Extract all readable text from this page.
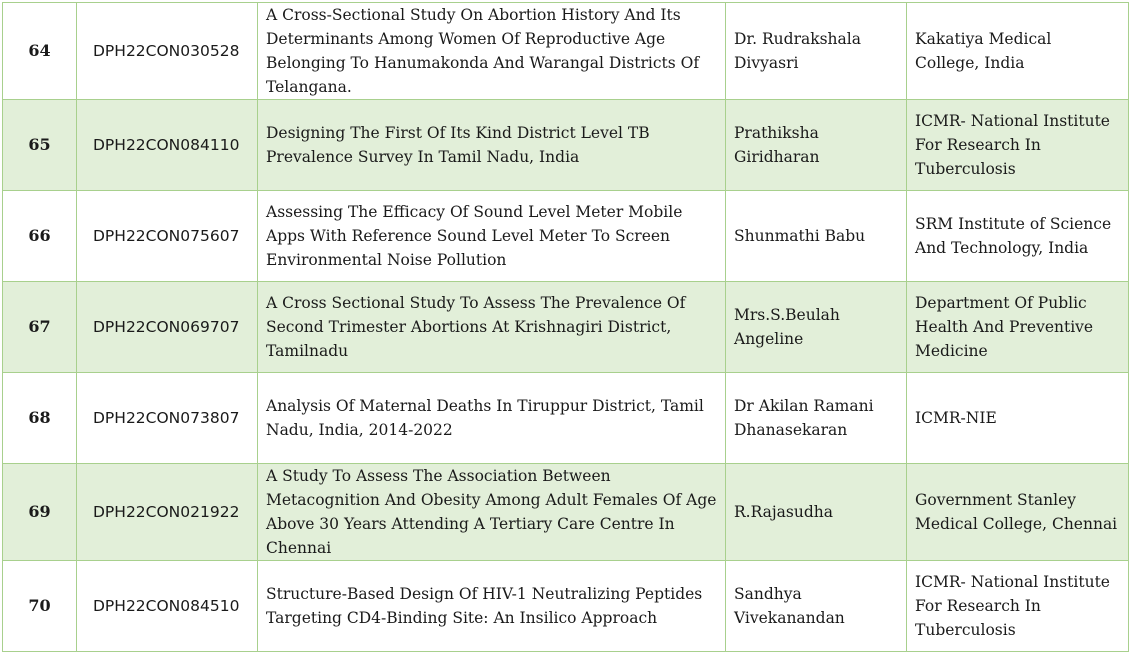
64	DPH22CON030528	A Cross-Sectional Study On Abortion History And Its Determinants Among Women Of Reproductive Age Belonging To Hanumakonda And Warangal Districts Of Telangana.	Dr. Rudrakshala Divyasri	Kakatiya Medical College, India
65	DPH22CON084110	Designing The First Of Its Kind District Level TB Prevalence Survey In Tamil Nadu, India	Prathiksha Giridharan	ICMR- National Institute For Research In Tuberculosis
66	DPH22CON075607	Assessing The Efficacy Of Sound Level Meter Mobile Apps With Reference Sound Level Meter To Screen Environmental Noise Pollution	Shunmathi Babu	SRM Institute of Science And Technology, India
67	DPH22CON069707	A Cross Sectional Study To Assess The Prevalence Of Second Trimester Abortions At Krishnagiri District, Tamilnadu	Mrs.S.Beulah Angeline	Department Of Public Health And Preventive Medicine
68	DPH22CON073807	Analysis Of Maternal Deaths In Tiruppur District, Tamil Nadu, India, 2014-2022	Dr Akilan Ramani Dhanasekaran	ICMR-NIE
69	DPH22CON021922	A Study To Assess The Association Between Metacognition And Obesity Among Adult Females Of Age Above 30 Years Attending A Tertiary Care Centre In Chennai	R.Rajasudha	Government Stanley Medical College, Chennai
70	DPH22CON084510	Structure-Based Design Of HIV-1 Neutralizing Peptides Targeting CD4-Binding Site: An Insilico Approach	Sandhya Vivekanandan	ICMR- National Institute For Research In Tuberculosis
